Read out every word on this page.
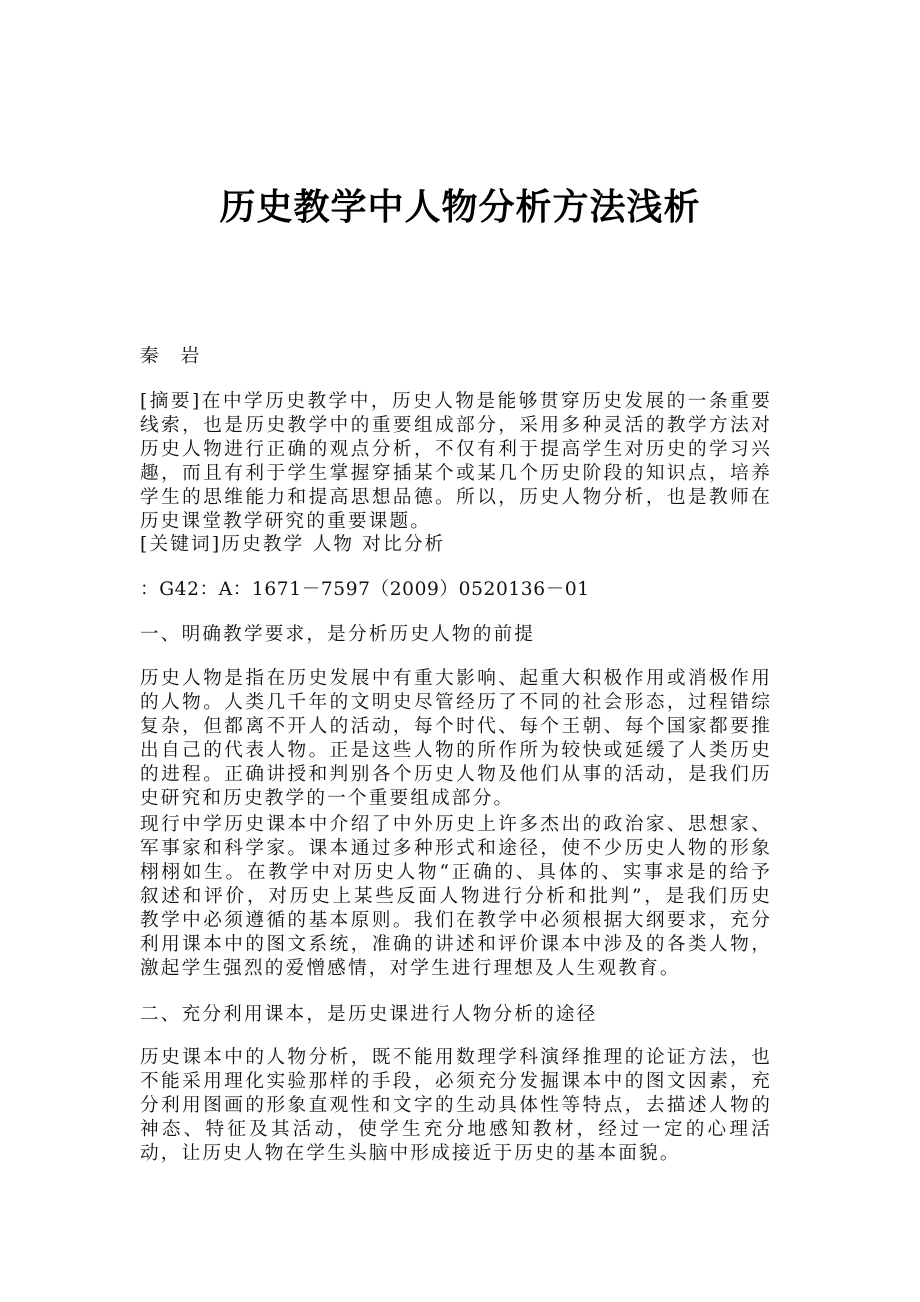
历史教学中人物分析方法浅析

秦 岩

[摘要]在中学历史教学中，历史人物是能够贯穿历史发展的一条重要线索，也是历史教学中的重要组成部分，采用多种灵活的教学方法对历史人物进行正确的观点分析，不仅有利于提高学生对历史的学习兴趣，而且有利于学生掌握穿插某个或某几个历史阶段的知识点，培养学生的思维能力和提高思想品德。所以，历史人物分析，也是教师在历史课堂教学研究的重要课题。

[关键词]历史教学 人物 对比分析

：G42：A：1671－7597（2009）0520136－01

一、明确教学要求，是分析历史人物的前提

历史人物是指在历史发展中有重大影响、起重大积极作用或消极作用的人物。人类几千年的文明史尽管经历了不同的社会形态，过程错综复杂，但都离不开人的活动，每个时代、每个王朝、每个国家都要推出自己的代表人物。正是这些人物的所作所为较快或延缓了人类历史的进程。正确讲授和判别各个历史人物及他们从事的活动，是我们历史研究和历史教学的一个重要组成部分。

现行中学历史课本中介绍了中外历史上许多杰出的政治家、思想家、军事家和科学家。课本通过多种形式和途径，使不少历史人物的形象栩栩如生。在教学中对历史人物“正确的、具体的、实事求是的给予叙述和评价，对历史上某些反面人物进行分析和批判”，是我们历史教学中必须遵循的基本原则。我们在教学中必须根据大纲要求，充分利用课本中的图文系统，准确的讲述和评价课本中涉及的各类人物，激起学生强烈的爱憎感情，对学生进行理想及人生观教育。

二、充分利用课本，是历史课进行人物分析的途径

历史课本中的人物分析，既不能用数理学科演绎推理的论证方法，也不能采用理化实验那样的手段，必须充分发掘课本中的图文因素，充分利用图画的形象直观性和文字的生动具体性等特点，去描述人物的神态、特征及其活动，使学生充分地感知教材，经过一定的心理活动，让历史人物在学生头脑中形成接近于历史的基本面貌。
